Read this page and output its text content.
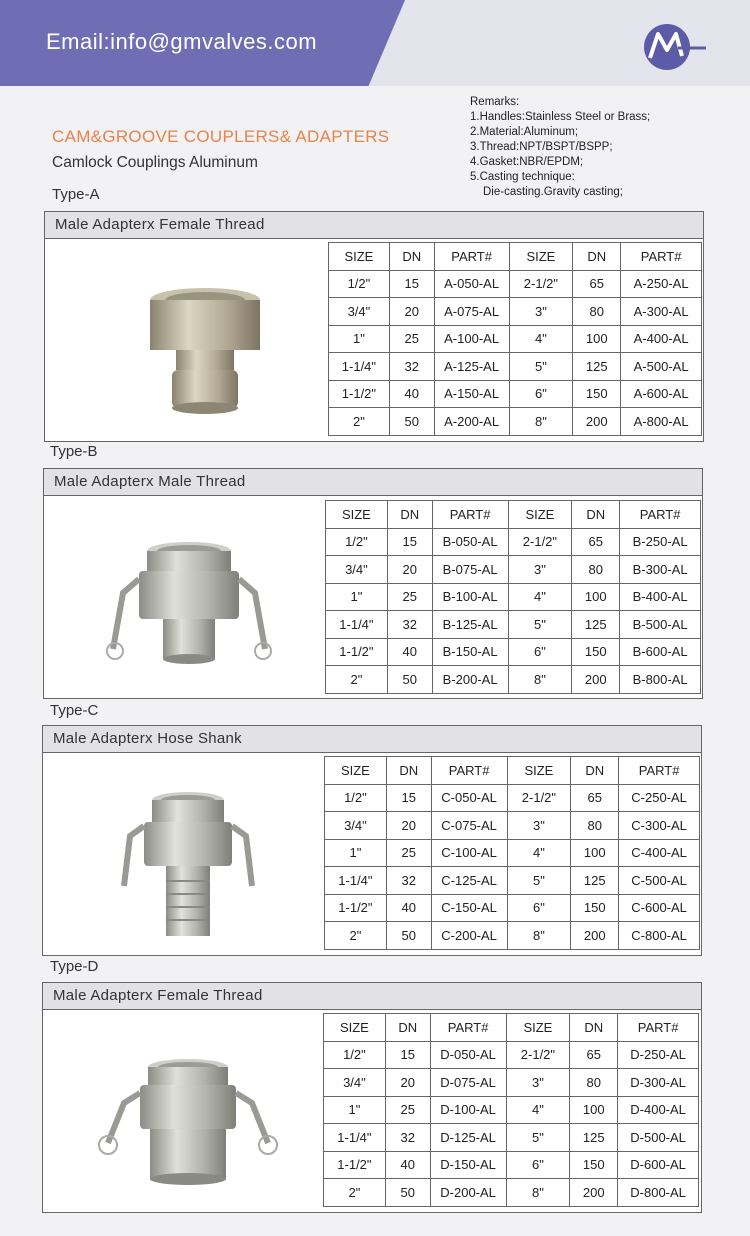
Email:info@gmvalves.com
Remarks:
1.Handles:Stainless Steel or Brass;
2.Material:Aluminum;
3.Thread:NPT/BSPT/BSPP;
4.Gasket:NBR/EPDM;
5.Casting technique:
Die-casting.Gravity casting;
CAM&GROOVE COUPLERS& ADAPTERS
Camlock Couplings Aluminum
Type-A
Type-B
Type-C
Type-D
Male Adapterx Female Thread
SIZE	DN	PART#	SIZE	DN	PART#
1/2"	15	A-050-AL	2-1/2"	65	A-250-AL
3/4"	20	A-075-AL	3"	80	A-300-AL
1"	25	A-100-AL	4"	100	A-400-AL
1-1/4"	32	A-125-AL	5"	125	A-500-AL
1-1/2"	40	A-150-AL	6"	150	A-600-AL
2"	50	A-200-AL	8"	200	A-800-AL
Male Adapterx Male Thread
SIZE	DN	PART#	SIZE	DN	PART#
1/2"	15	B-050-AL	2-1/2"	65	B-250-AL
3/4"	20	B-075-AL	3"	80	B-300-AL
1"	25	B-100-AL	4"	100	B-400-AL
1-1/4"	32	B-125-AL	5"	125	B-500-AL
1-1/2"	40	B-150-AL	6"	150	B-600-AL
2"	50	B-200-AL	8"	200	B-800-AL
Male Adapterx Hose Shank
SIZE	DN	PART#	SIZE	DN	PART#
1/2"	15	C-050-AL	2-1/2"	65	C-250-AL
3/4"	20	C-075-AL	3"	80	C-300-AL
1"	25	C-100-AL	4"	100	C-400-AL
1-1/4"	32	C-125-AL	5"	125	C-500-AL
1-1/2"	40	C-150-AL	6"	150	C-600-AL
2"	50	C-200-AL	8"	200	C-800-AL
Male Adapterx Female Thread
SIZE	DN	PART#	SIZE	DN	PART#
1/2"	15	D-050-AL	2-1/2"	65	D-250-AL
3/4"	20	D-075-AL	3"	80	D-300-AL
1"	25	D-100-AL	4"	100	D-400-AL
1-1/4"	32	D-125-AL	5"	125	D-500-AL
1-1/2"	40	D-150-AL	6"	150	D-600-AL
2"	50	D-200-AL	8"	200	D-800-AL
